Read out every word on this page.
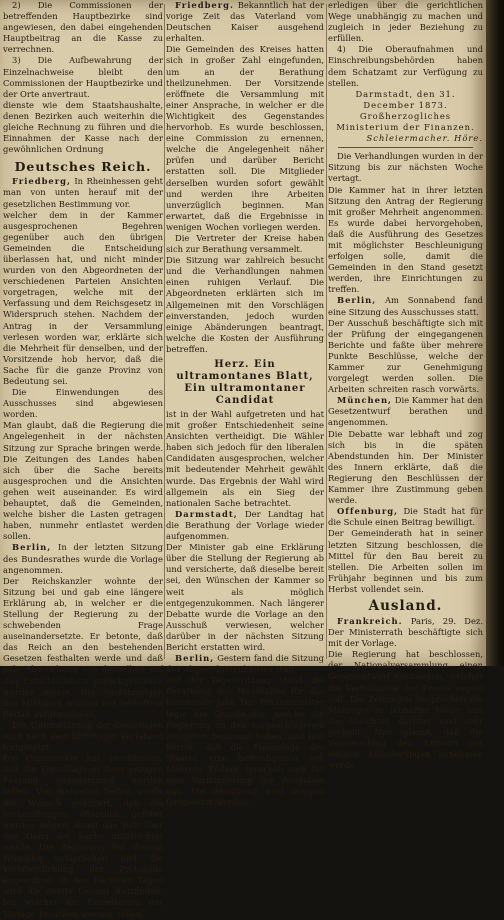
2) Die Commissionen der betreffenden Hauptbezirke sind angewiesen, den dabei eingehenden Hauptbeitrag an die Kasse zu verrechnen.
3) Die Aufbewahrung der Einzelnachweise bleibt den Commissionen der Hauptbezirke und der Orte anvertraut.
dienste wie dem Staatshaushalte, denen Bezirken auch weiterhin die gleiche Rechnung zu führen und die Einnahmen der Kasse nach der gewöhnlichen Ordnung
Deutsches Reich.
Friedberg, In Rheinhessen geht man von unten herauf mit der gesetzlichen Bestimmung vor.
welcher dem in der Kammer ausgesprochenen Begehren gegenüber auch den übrigen Gemeinden die Entscheidung überlassen hat, und nicht minder wurden von den Abgeordneten der verschiedenen Parteien Ansichten vorgetragen, welche mit der Verfassung und dem Reichsgesetz in Widerspruch stehen. Nachdem der Antrag in der Versammlung verlesen worden war, erklärte sich die Mehrheit für denselben, und der Vorsitzende hob hervor, daß die Sache für die ganze Provinz von Bedeutung sei.
Die Einwendungen des Ausschusses sind abgewiesen worden.
Man glaubt, daß die Regierung die Angelegenheit in der nächsten Sitzung zur Sprache bringen werde. Die Zeitungen des Landes haben sich über die Sache bereits ausgesprochen und die Ansichten gehen weit auseinander. Es wird behauptet, daß die Gemeinden, welche bisher die Lasten getragen haben, nunmehr entlastet werden sollen.
Berlin, In der letzten Sitzung des Bundesrathes wurde die Vorlage angenommen.
Der Reichskanzler wohnte der Sitzung bei und gab eine längere Erklärung ab, in welcher er die Stellung der Regierung zu der schwebenden Frage auseinandersetzte. Er betonte, daß das Reich an den bestehenden Gesetzen festhalten werde und daß jede Abweichung von denselben auf das Entschiedenste zurückgewiesen werden müsse. Die Ausführungen des Ministers wurden mit lebhaftem Beifall aufgenommen.
Die Unterstützung der Gemeinden wird nach dem bisherigen Verfahren fortgesetzt.
Die Commission hat beschlossen, daß die Vorschläge in ihrer jetzigen Fassung angenommen werden sollen. Von mehreren Seiten wurde der Wunsch geäußert, daß die Verhandlungen öffentlich geführt werden mögen, damit das Volk über den Gang der Sache unterrichtet werde. Die Regierung hat diesem Wunsche entsprochen und die Veröffentlichung der Protokolle angeordnet. In den nächsten Tagen wird die zweite Lesung stattfinden, bei welcher die Einzelheiten der Vorlage berathen werden sollen.
Friedberg. Bekanntlich hat der vorige Zeit das Vaterland vom Deutschen Kaiser ausgehend erhalten.
Die Gemeinden des Kreises hatten sich in großer Zahl eingefunden, um an der Berathung theilzunehmen. Der Vorsitzende eröffnete die Versammlung mit einer Ansprache, in welcher er die Wichtigkeit des Gegenstandes hervorhob. Es wurde beschlossen, eine Commission zu ernennen, welche die Angelegenheit näher prüfen und darüber Bericht erstatten soll. Die Mitglieder derselben wurden sofort gewählt und werden ihre Arbeiten unverzüglich beginnen. Man erwartet, daß die Ergebnisse in wenigen Wochen vorliegen werden.
Die Vertreter der Kreise haben sich zur Berathung versammelt.
Die Sitzung war zahlreich besucht und die Verhandlungen nahmen einen ruhigen Verlauf. Die Abgeordneten erklärten sich im Allgemeinen mit den Vorschlägen einverstanden, jedoch wurden einige Abänderungen beantragt, welche die Kosten der Ausführung betreffen.
Herz. Ein ultramontanes Blatt, Ein ultramontaner Candidat
ist in der Wahl aufgetreten und hat mit großer Entschiedenheit seine Ansichten vertheidigt. Die Wähler haben sich jedoch für den liberalen Candidaten ausgesprochen, welcher mit bedeutender Mehrheit gewählt wurde. Das Ergebnis der Wahl wird allgemein als ein Sieg der nationalen Sache betrachtet.
Darmstadt, Der Landtag hat die Berathung der Vorlage wieder aufgenommen.
Der Minister gab eine Erklärung über die Stellung der Regierung ab und versicherte, daß dieselbe bereit sei, den Wünschen der Kammer so weit als möglich entgegenzukommen. Nach längerer Debatte wurde die Vorlage an den Ausschuß verwiesen, welcher darüber in der nächsten Sitzung Bericht erstatten wird.
Berlin, Gestern fand die Sitzung des Abgeordnetenhauses statt.
Auf der Tagesordnung stand die Berathung des Haushaltes für das kommende Jahr. Der Finanzminister legte die Gründe dar, welche die Regierung zu den vorgeschlagenen Ausgaben bestimmt haben, und hob hervor, daß die Finanzlage des Staates eine befriedigende sei. Mehrere Redner sprachen sich für eine Verminderung der Ausgaben aus. Die Berathung wird morgen fortgesetzt werden.
erledigen über die gerichtlichen Wege unabhängig zu machen und zugleich in jeder Beziehung zu erfüllen.
4) Die Oberaufnahmen und Einschreibungsbehörden haben dem Schatzamt zur Verfügung zu stellen.
Darmstadt, den 31. December 1873.
Großherzogliches Ministerium der Finanzen.
Schleiermacher. Höre.
Die Verhandlungen wurden in der Sitzung bis zur nächsten Woche vertagt.
Die Kammer hat in ihrer letzten Sitzung den Antrag der Regierung mit großer Mehrheit angenommen. Es wurde dabei hervorgehoben, daß die Ausführung des Gesetzes mit möglichster Beschleunigung erfolgen solle, damit die Gemeinden in den Stand gesetzt werden, ihre Einrichtungen zu treffen.
Berlin, Am Sonnabend fand eine Sitzung des Ausschusses statt.
Der Ausschuß beschäftigte sich mit der Prüfung der eingegangenen Berichte und faßte über mehrere Punkte Beschlüsse, welche der Kammer zur Genehmigung vorgelegt werden sollen. Die Arbeiten schreiten rasch vorwärts.
München, Die Kammer hat den Gesetzentwurf berathen und angenommen.
Die Debatte war lebhaft und zog sich bis in die späten Abendstunden hin. Der Minister des Innern erklärte, daß die Regierung den Beschlüssen der Kammer ihre Zustimmung geben werde.
Offenburg, Die Stadt hat für die Schule einen Beitrag bewilligt.
Der Gemeinderath hat in seiner letzten Sitzung beschlossen, die Mittel für den Bau bereit zu stellen. Die Arbeiten sollen im Frühjahr beginnen und bis zum Herbst vollendet sein.
Ausland.
Frankreich. Paris, 29. Dez. Der Ministerrath beschäftigte sich mit der Vorlage.
Die Regierung hat beschlossen, der Nationalversammlung einen Gesetzentwurf vorzulegen, welcher die Verhältnisse der Presse regeln soll. Die Zeitungen besprechen die Maßregel in lebhafter Weise und die Ansichten darüber sind sehr getheilt. Man glaubt, daß die Versammlung den Entwurf mit einigen Abänderungen annehmen werde.
